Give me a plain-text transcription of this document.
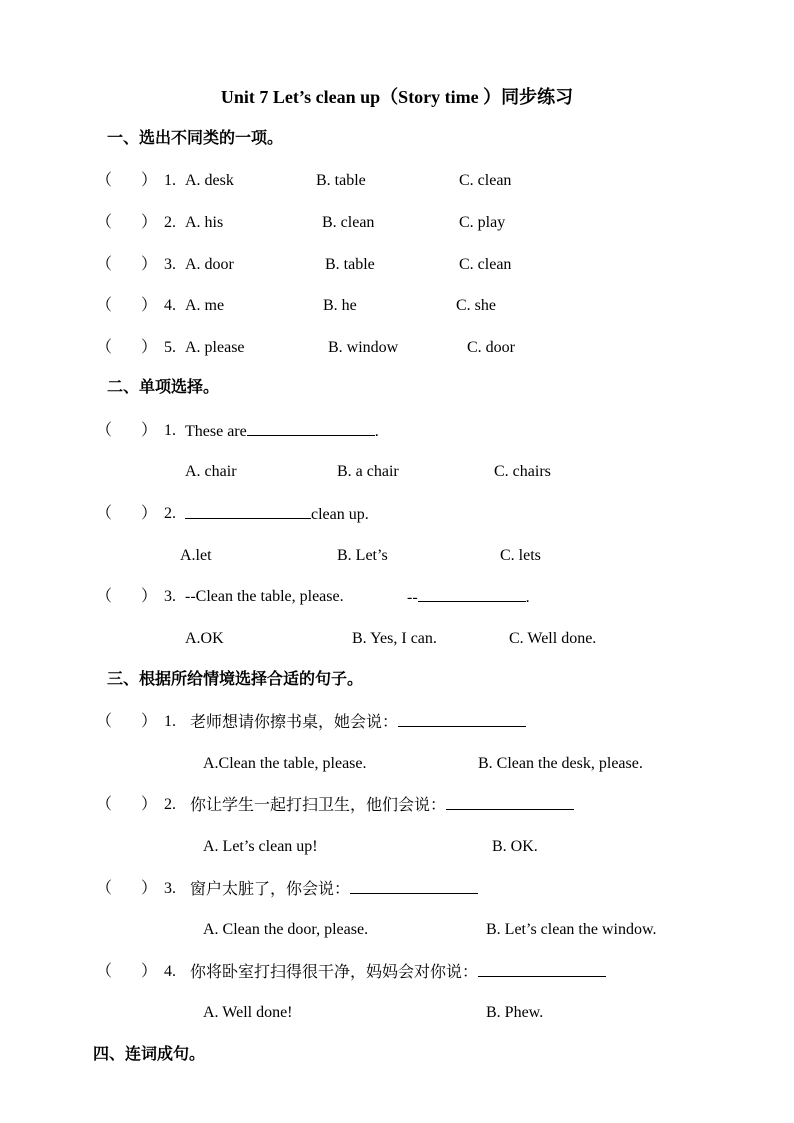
Unit 7 Let’s clean up（Story time ）同步练习
一、选出不同类的一项。
（ ） 1. A. desk	B. table	C. clean
（ ） 2. A. his	B. clean	C. play
（ ） 3. A. door	B. table	C. clean
（ ） 4. A. me	B. he	C. she
（ ） 5. A. please	B. window	C. door
二、单项选择。
（ ） 1. These are	.
A. chair	B. a chair	C. chairs
（ ） 2.	clean up.
A.let	B. Let’s	C. lets
（ ） 3. --Clean the table, please.	--	.
A.OK	B. Yes, I can.	C. Well done.
三、根据所给情境选择合适的句子。
（ ） 1. 老师想请你擦书桌，她会说：
A.Clean the table, please.	B. Clean the desk, please.
（ ） 2. 你让学生一起打扫卫生，他们会说：
A. Let’s clean up!	B. OK.
（ ） 3. 窗户太脏了，你会说：
A. Clean the door, please.	B. Let’s clean the window.
（ ） 4. 你将卧室打扫得很干净，妈妈会对你说：
A. Well done!	B. Phew.
四、连词成句。
